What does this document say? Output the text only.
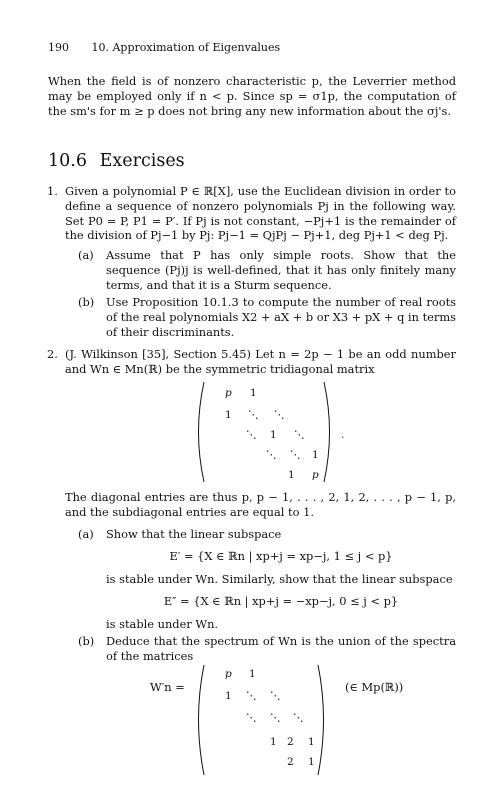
190 10. Approximation of Eigenvalues
When the field is of nonzero characteristic p, the Leverrier method may be employed only if n < p. Since sp = σ1p, the computation of the sm's for m ≥ p does not bring any new information about the σj's.
10.6 Exercises
1. Given a polynomial P ∈ ℝ[X], use the Euclidean division in order to define a sequence of nonzero polynomials Pj in the following way. Set P0 = P, P1 = P′. If Pj is not constant, −Pj+1 is the remainder of the division of Pj−1 by Pj: Pj−1 = QjPj − Pj+1, deg Pj+1 < deg Pj.
(a) Assume that P has only simple roots. Show that the sequence (Pj)j is well-defined, that it has only finitely many terms, and that it is a Sturm sequence.
(b) Use Proposition 10.1.3 to compute the number of real roots of the real polynomials X2 + aX + b or X3 + pX + q in terms of their discriminants.
2. (J. Wilkinson [35], Section 5.45) Let n = 2p − 1 be an odd number and Wn ∈ Mn(ℝ) be the symmetric tridiagonal matrix
p 1
1 ⋱ ⋱
⋱ 1 ⋱
⋱ ⋱ 1
1 p
.
The diagonal entries are thus p, p − 1, . . . , 2, 1, 2, . . . , p − 1, p, and the subdiagonal entries are equal to 1.
(a) Show that the linear subspace
E′ = {X ∈ ℝn | xp+j = xp−j, 1 ≤ j < p}
is stable under Wn. Similarly, show that the linear subspace
E″ = {X ∈ ℝn | xp+j = −xp−j, 0 ≤ j < p}
is stable under Wn.
(b) Deduce that the spectrum of Wn is the union of the spectra of the matrices
W′n =
p 1
1 ⋱ ⋱
⋱ ⋱ ⋱
1 2 1
2 1
(∈ Mp(ℝ))
